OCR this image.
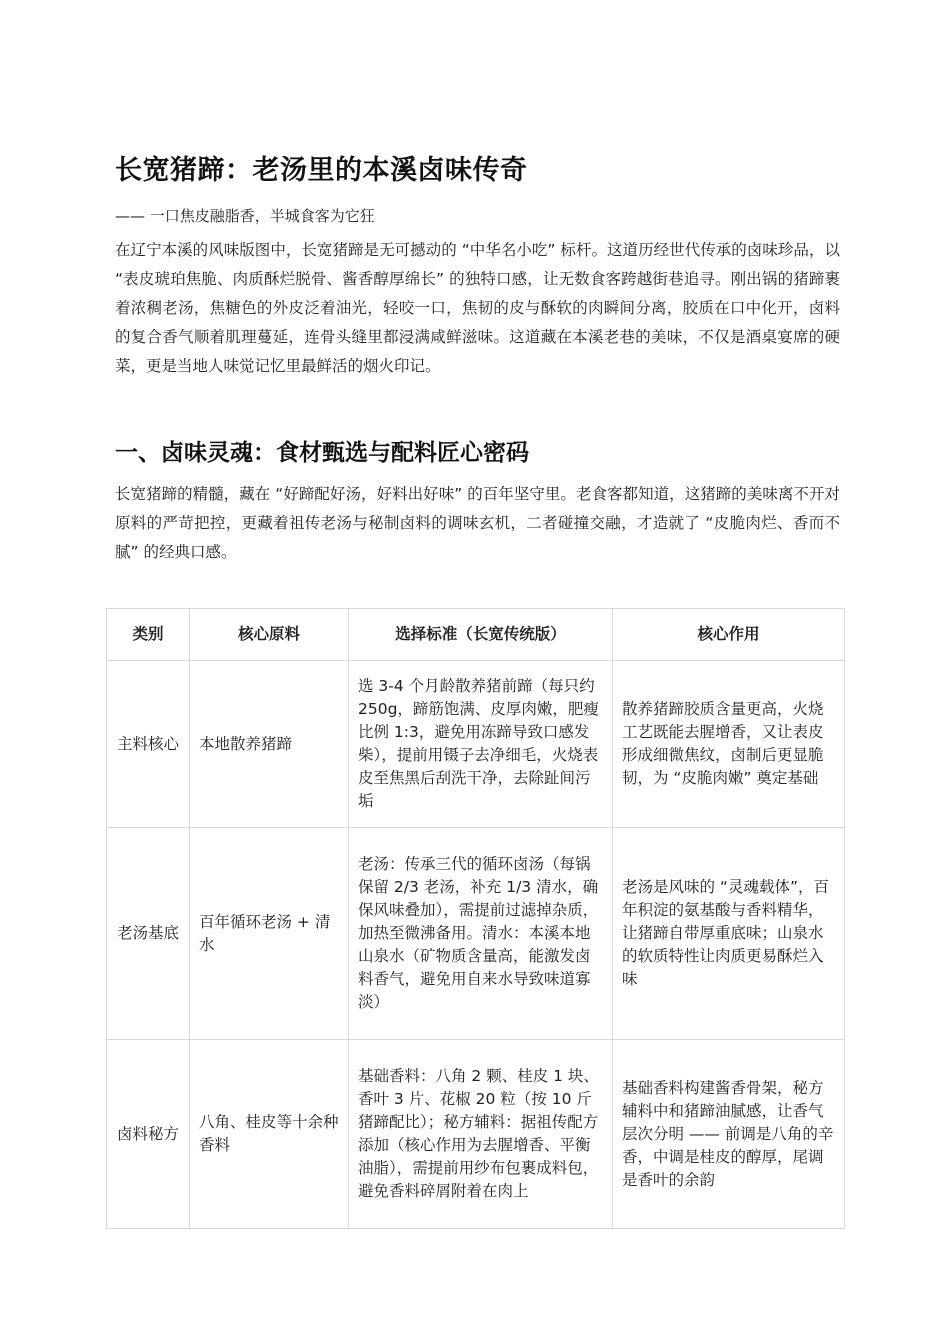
长宽猪蹄：老汤里的本溪卤味传奇
—— 一口焦皮融脂香，半城食客为它狂

在辽宁本溪的风味版图中，长宽猪蹄是无可撼动的 “中华名小吃” 标杆。这道历经世代传承的卤味珍品，以 “表皮琥珀焦脆、肉质酥烂脱骨、酱香醇厚绵长” 的独特口感，让无数食客跨越街巷追寻。刚出锅的猪蹄裹着浓稠老汤，焦糖色的外皮泛着油光，轻咬一口，焦韧的皮与酥软的肉瞬间分离，胶质在口中化开，卤料的复合香气顺着肌理蔓延，连骨头缝里都浸满咸鲜滋味。这道藏在本溪老巷的美味，不仅是酒桌宴席的硬菜，更是当地人味觉记忆里最鲜活的烟火印记。

一、卤味灵魂：食材甄选与配料匠心密码

长宽猪蹄的精髓，藏在 “好蹄配好汤，好料出好味” 的百年坚守里。老食客都知道，这猪蹄的美味离不开对原料的严苛把控，更藏着祖传老汤与秘制卤料的调味玄机，二者碰撞交融，才造就了 “皮脆肉烂、香而不腻” 的经典口感。

类别	核心原料	选择标准（长宽传统版）	核心作用
主料核心	本地散养猪蹄	选 3-4 个月龄散养猪前蹄（每只约 250g，蹄筋饱满、皮厚肉嫩，肥瘦比例 1:3，避免用冻蹄导致口感发柴），提前用镊子去净细毛，火烧表皮至焦黑后刮洗干净，去除趾间污垢	散养猪蹄胶质含量更高，火烧工艺既能去腥增香，又让表皮形成细微焦纹，卤制后更显脆韧，为 “皮脆肉嫩” 奠定基础
老汤基底	百年循环老汤 + 清水	老汤：传承三代的循环卤汤（每锅保留 2/3 老汤，补充 1/3 清水，确保风味叠加），需提前过滤掉杂质，加热至微沸备用。清水：本溪本地山泉水（矿物质含量高，能激发卤料香气，避免用自来水导致味道寡淡）	老汤是风味的 “灵魂载体”，百年积淀的氨基酸与香料精华，让猪蹄自带厚重底味；山泉水的软质特性让肉质更易酥烂入味
卤料秘方	八角、桂皮等十余种香料	基础香料：八角 2 颗、桂皮 1 块、香叶 3 片、花椒 20 粒（按 10 斤猪蹄配比）；秘方辅料：据祖传配方添加（核心作用为去腥增香、平衡油脂），需提前用纱布包裹成料包，避免香料碎屑附着在肉上	基础香料构建酱香骨架，秘方辅料中和猪蹄油腻感，让香气层次分明 —— 前调是八角的辛香，中调是桂皮的醇厚，尾调是香叶的余韵
